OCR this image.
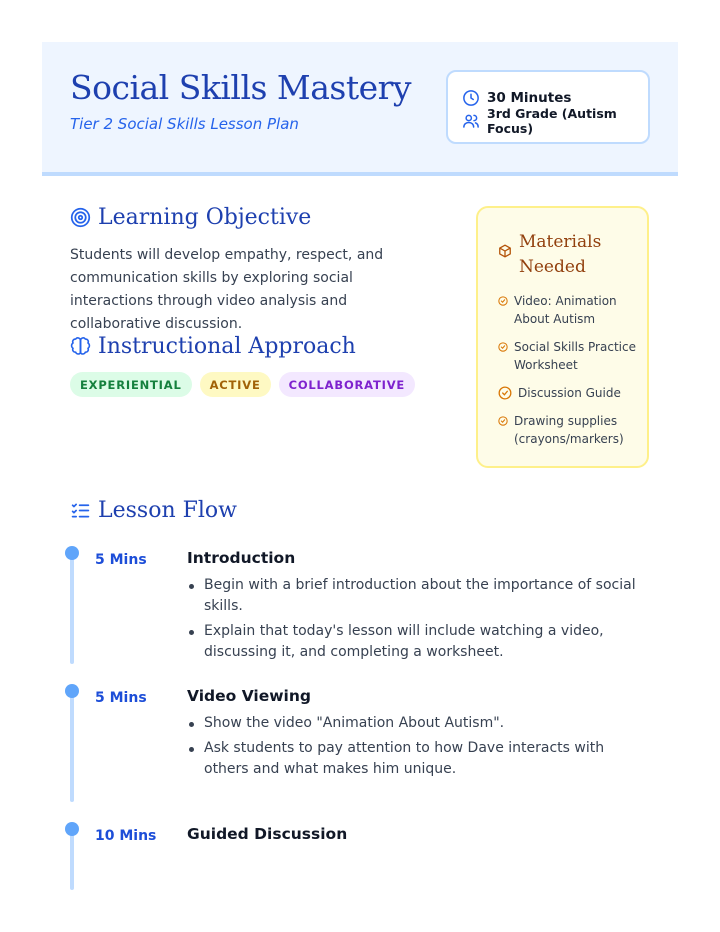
Social Skills Mastery
Tier 2 Social Skills Lesson Plan
30 Minutes
3rd Grade (Autism Focus)
Learning Objective

Students will develop empathy, respect, and communication skills by exploring social interactions through video analysis and collaborative discussion.

Instructional Approach
EXPERIENTIAL	ACTIVE	COLLABORATIVE
Materials Needed
Video: Animation About Autism
Social Skills Practice Worksheet
Discussion Guide
Drawing supplies (crayons/markers)
Lesson Flow
5 Mins	Introduction
Begin with a brief introduction about the importance of social skills.
Explain that today's lesson will include watching a video, discussing it, and completing a worksheet.
5 Mins	Video Viewing
Show the video "Animation About Autism".
Ask students to pay attention to how Dave interacts with others and what makes him unique.
10 Mins Guided Discussion
